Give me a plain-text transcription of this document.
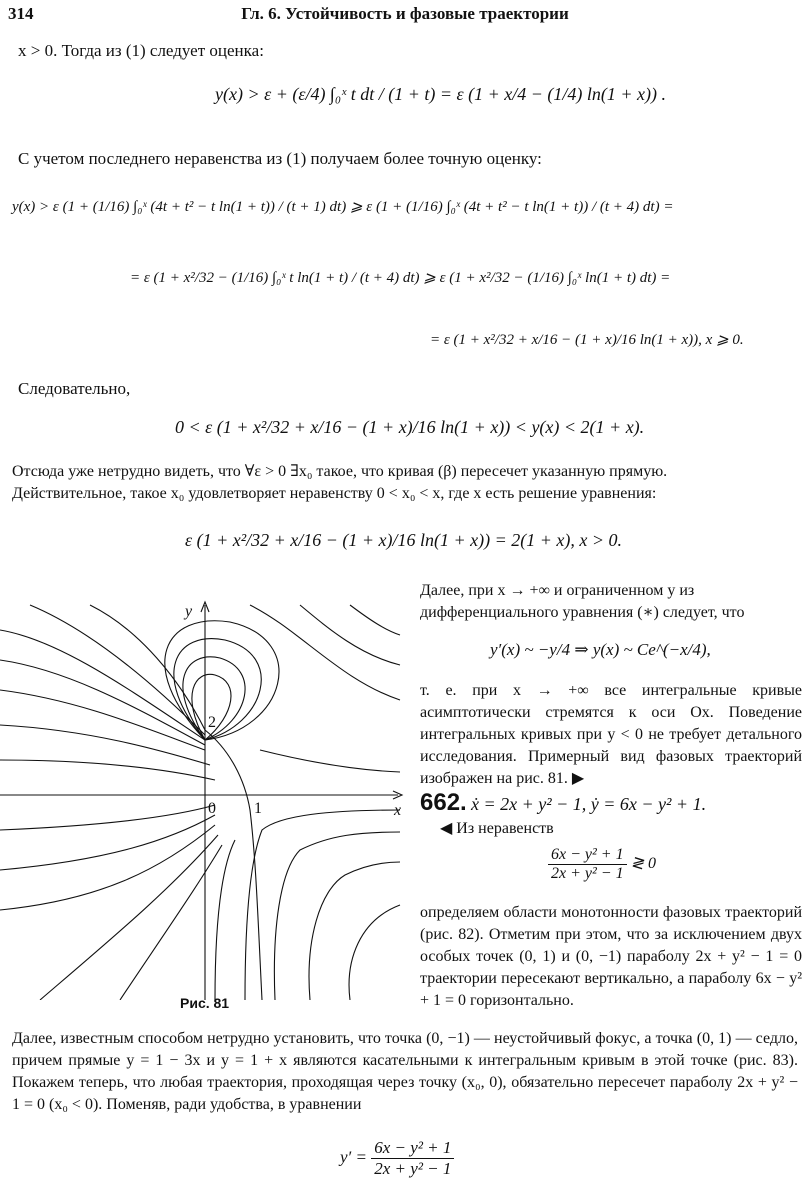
314	Гл. 6. Устойчивость и фазовые траектории
x > 0. Тогда из (1) следует оценка:
y(x) > ε + (ε/4) ∫₀ˣ t dt / (1 + t) = ε (1 + x/4 − (1/4) ln(1 + x)) .
С учетом последнего неравенства из (1) получаем более точную оценку:
y(x) > ε (1 + (1/16) ∫₀ˣ (4t + t² − t ln(1 + t)) / (t + 1) dt) ⩾ ε (1 + (1/16) ∫₀ˣ (4t + t² − t ln(1 + t)) / (t + 4) dt) =
= ε (1 + x²/32 − (1/16) ∫₀ˣ t ln(1 + t) / (t + 4) dt) ⩾ ε (1 + x²/32 − (1/16) ∫₀ˣ ln(1 + t) dt) =
= ε (1 + x²/32 + x/16 − (1 + x)/16 ln(1 + x)), x ⩾ 0.
Следовательно,
0 < ε (1 + x²/32 + x/16 − (1 + x)/16 ln(1 + x)) < y(x) < 2(1 + x).
Отсюда уже нетрудно видеть, что ∀ε > 0 ∃x₀ такое, что кривая (β) пересечет указанную прямую.
Действительное, такое x₀ удовлетворяет неравенству 0 < x₀ < x, где x есть решение уравнения:
ε (1 + x²/32 + x/16 − (1 + x)/16 ln(1 + x)) = 2(1 + x), x > 0.
Далее, при x → +∞ и ограниченном y из дифференциального уравнения (∗) следует, что
y′(x) ~ −y/4 ⇒ y(x) ~ Ce^(−x/4),
т. е. при x → +∞ все интегральные кривые асимптотически стремятся к оси Ox. Поведение интегральных кривых при y < 0 не требует детального исследования. Примерный вид фазовых траекторий изображен на рис. 81. ▶
662. ẋ = 2x + y² − 1, ẏ = 6x − y² + 1.
◀ Из неравенств
$\frac{\text{6x − y² + 1}}{\text{2x + y² − 1}}$ ≷ 0
определяем области монотонности фазовых траекторий (рис. 82). Отметим при этом, что за исключением двух особых точек (0, 1) и (0, −1) параболу 2x + y² − 1 = 0 траектории пересекают вертикально, а параболу 6x − y² + 1 = 0 горизонтально.
x
y
0 1
2
Рис. 81
Далее, известным способом нетрудно установить, что точка (0, −1) — неустойчивый фокус, а точка (0, 1) — седло, причем прямые y = 1 − 3x и y = 1 + x являются касательными к интегральным кривым в этой точке (рис. 83). Покажем теперь, что любая траектория, проходящая через точку (x₀, 0), обязательно пересечет параболу 2x + y² − 1 = 0 (x₀ < 0). Поменяв, ради удобства, в уравнении
$y' = \frac{\text{6x − y² + 1}}{\text{2x + y² − 1}}$
